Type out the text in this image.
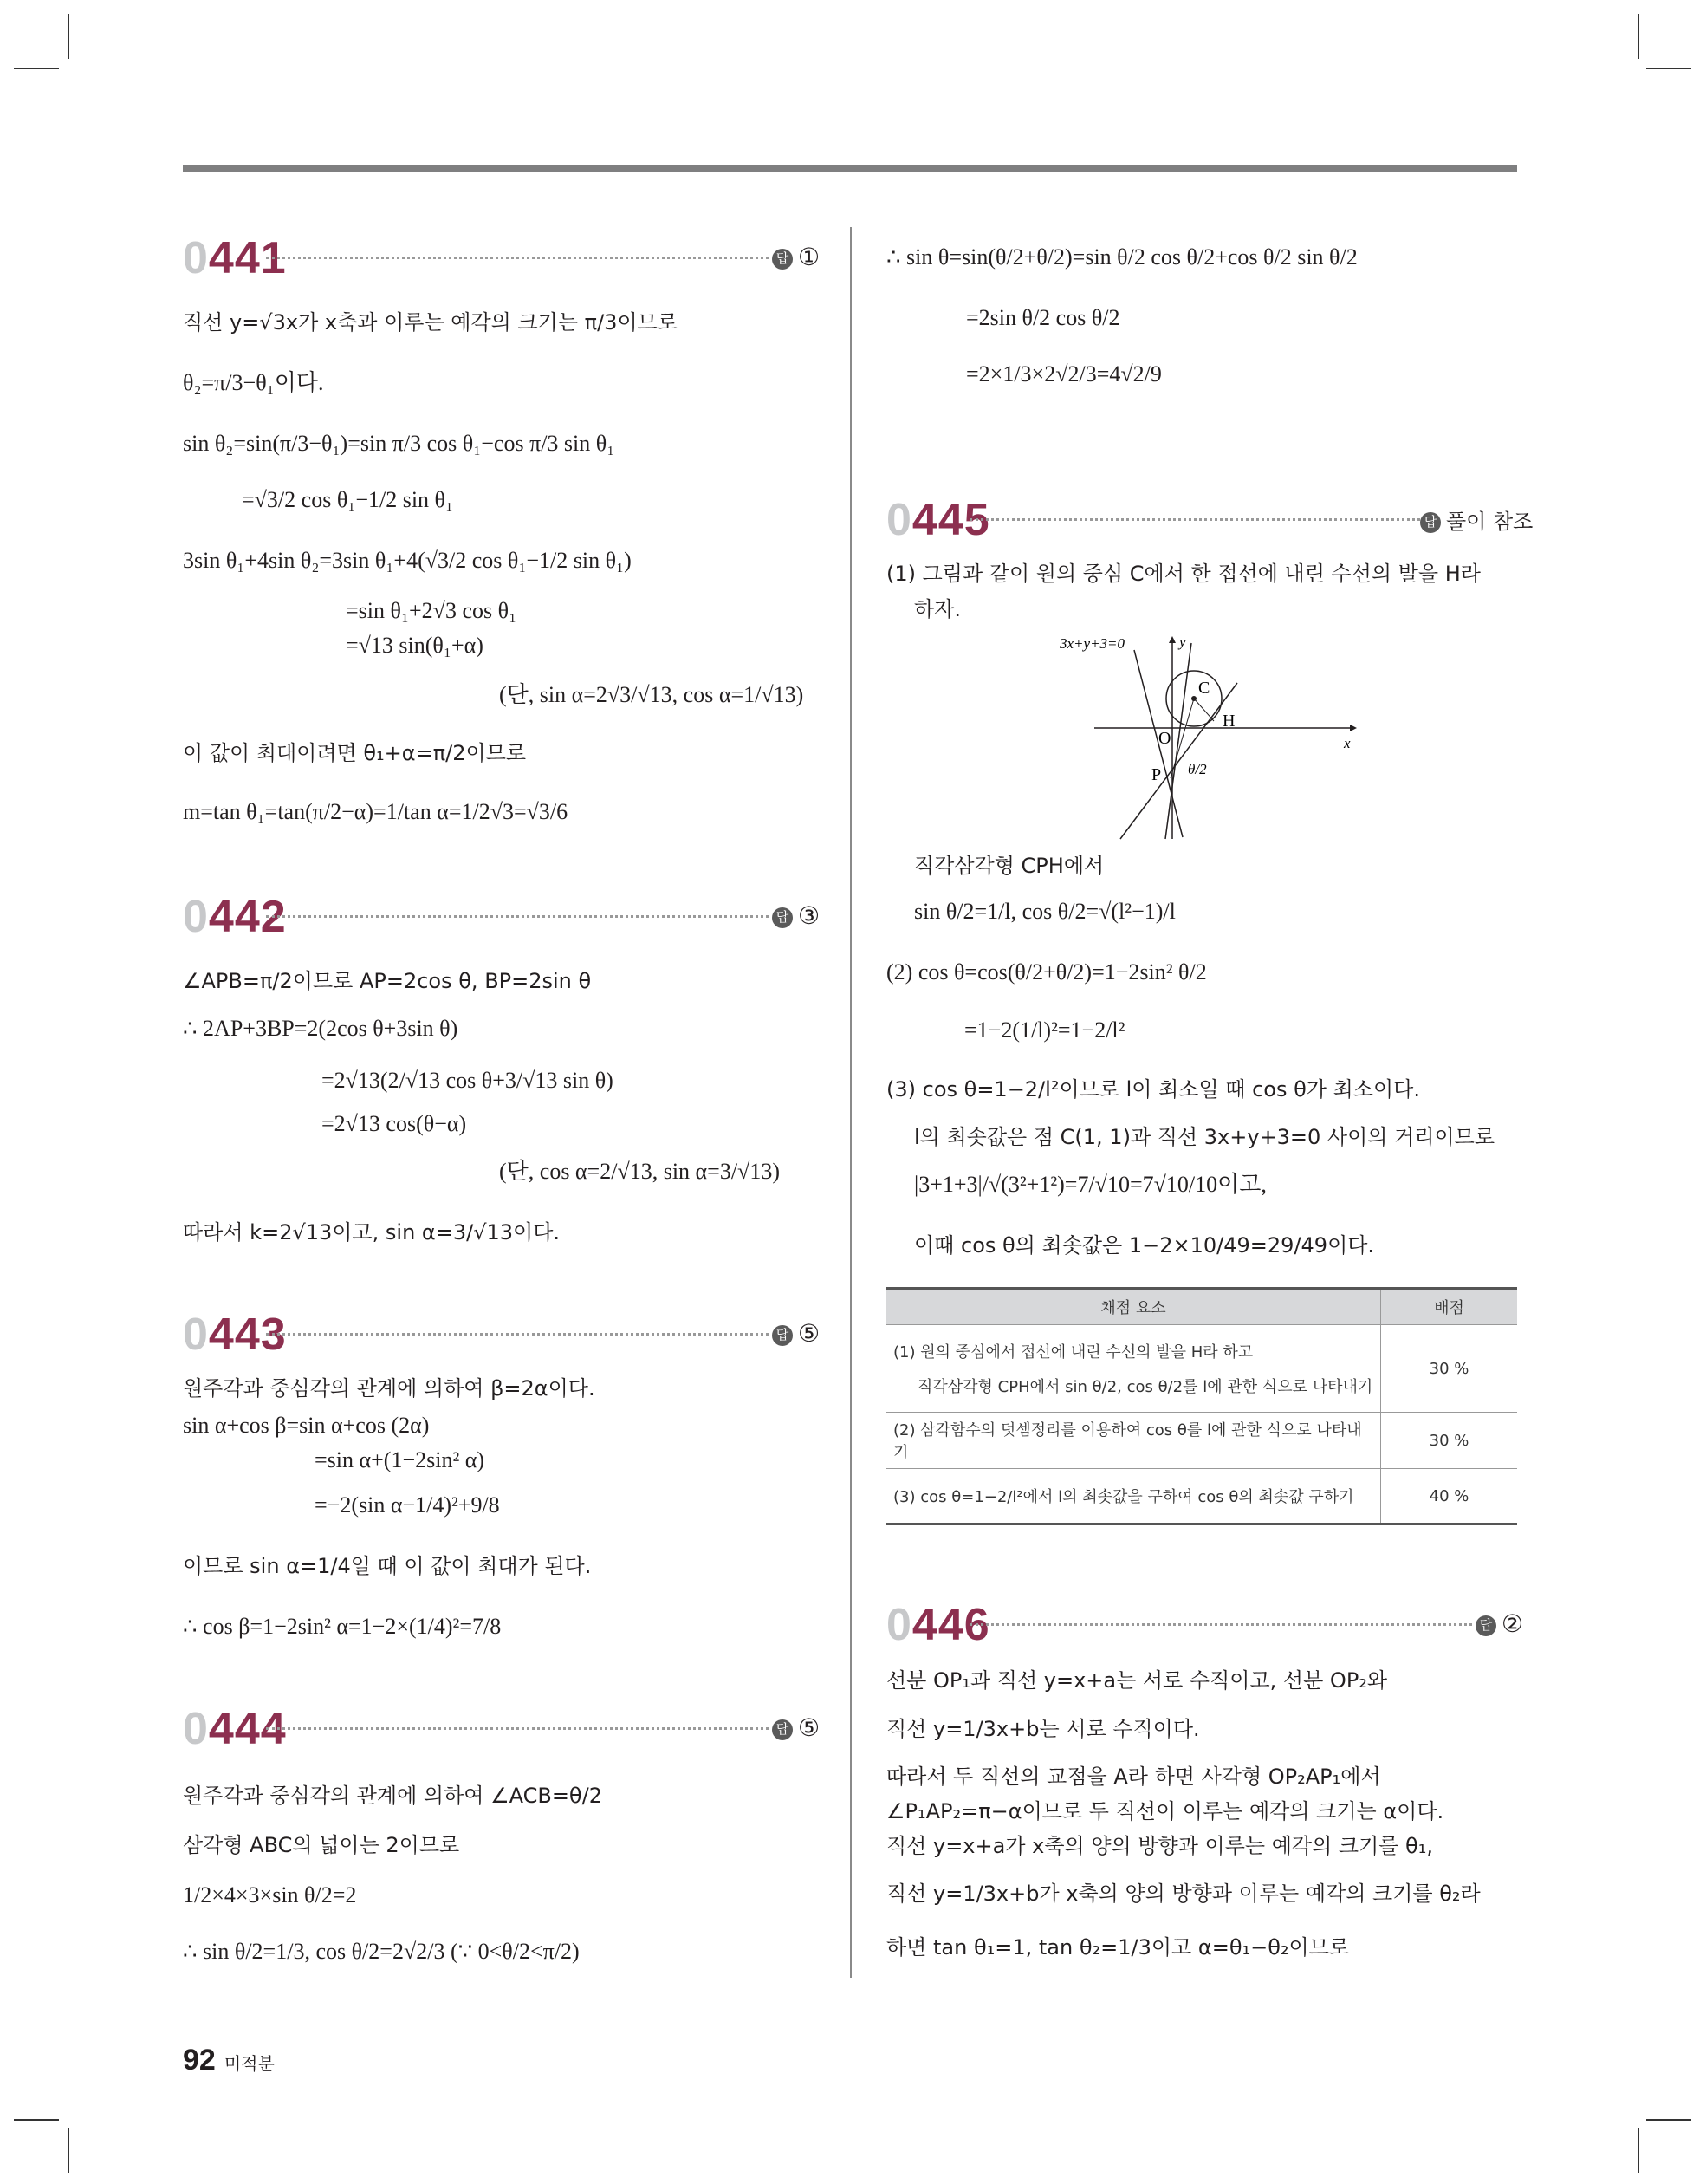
0441	답 ①
직선 y=√3x가 x축과 이루는 예각의 크기는 π/3이므로
θ₂=π/3−θ₁이다.
sin θ₂=sin(π/3−θ₁)=sin π/3 cos θ₁−cos π/3 sin θ₁
=√3/2 cos θ₁−1/2 sin θ₁
3sin θ₁+4sin θ₂=3sin θ₁+4(√3/2 cos θ₁−1/2 sin θ₁)
=sin θ₁+2√3 cos θ₁
=√13 sin(θ₁+α)
(단, sin α=2√3/√13, cos α=1/√13)
이 값이 최대이려면 θ₁+α=π/2이므로
m=tan θ₁=tan(π/2−α)=1/tan α=1/2√3=√3/6
0442	답 ③
∠APB=π/2이므로 AP=2cos θ, BP=2sin θ
∴ 2AP+3BP=2(2cos θ+3sin θ)
=2√13(2/√13 cos θ+3/√13 sin θ)
=2√13 cos(θ−α)
(단, cos α=2/√13, sin α=3/√13)
따라서 k=2√13이고, sin α=3/√13이다.
0443	답 ⑤
원주각과 중심각의 관계에 의하여 β=2α이다.
sin α+cos β=sin α+cos (2α)
=sin α+(1−2sin² α)
=−2(sin α−1/4)²+9/8
이므로 sin α=1/4일 때 이 값이 최대가 된다.
∴ cos β=1−2sin² α=1−2×(1/4)²=7/8
0444	답 ⑤
원주각과 중심각의 관계에 의하여 ∠ACB=θ/2
삼각형 ABC의 넓이는 2이므로
1/2×4×3×sin θ/2=2
∴ sin θ/2=1/3, cos θ/2=2√2/3 (∵ 0<θ/2<π/2)
∴ sin θ=sin(θ/2+θ/2)=sin θ/2 cos θ/2+cos θ/2 sin θ/2
=2sin θ/2 cos θ/2
=2×1/3×2√2/3=4√2/9
0445	답 풀이 참조
(1) 그림과 같이 원의 중심 C에서 한 접선에 내린 수선의 발을 H라
하자.
3x+y+3=0	y
x
C
H
O
P θ/2
직각삼각형 CPH에서
sin θ/2=1/l, cos θ/2=√(l²−1)/l
(2) cos θ=cos(θ/2+θ/2)=1−2sin² θ/2
=1−2(1/l)²=1−2/l²
(3) cos θ=1−2/l²이므로 l이 최소일 때 cos θ가 최소이다.
l의 최솟값은 점 C(1, 1)과 직선 3x+y+3=0 사이의 거리이므로
|3+1+3|/√(3²+1²)=7/√10=7√10/10이고,
이때 cos θ의 최솟값은 1−2×10/49=29/49이다.
채점 요소	배점

(1) 원의 중심에서 접선에 내린 수선의 발을 H라 하고
직각삼각형 CPH에서 sin θ/2, cos θ/2를 l에 관한 식으로 나타내기	30 %
(2) 삼각함수의 덧셈정리를 이용하여 cos θ를 l에 관한 식으로 나타내기	30 %
(3) cos θ=1−2/l²에서 l의 최솟값을 구하여 cos θ의 최솟값 구하기	40 %
0446	답 ②
선분 OP₁과 직선 y=x+a는 서로 수직이고, 선분 OP₂와
직선 y=1/3x+b는 서로 수직이다.
따라서 두 직선의 교점을 A라 하면 사각형 OP₂AP₁에서
∠P₁AP₂=π−α이므로 두 직선이 이루는 예각의 크기는 α이다.
직선 y=x+a가 x축의 양의 방향과 이루는 예각의 크기를 θ₁,
직선 y=1/3x+b가 x축의 양의 방향과 이루는 예각의 크기를 θ₂라
하면 tan θ₁=1, tan θ₂=1/3이고 α=θ₁−θ₂이므로
92 미적분
